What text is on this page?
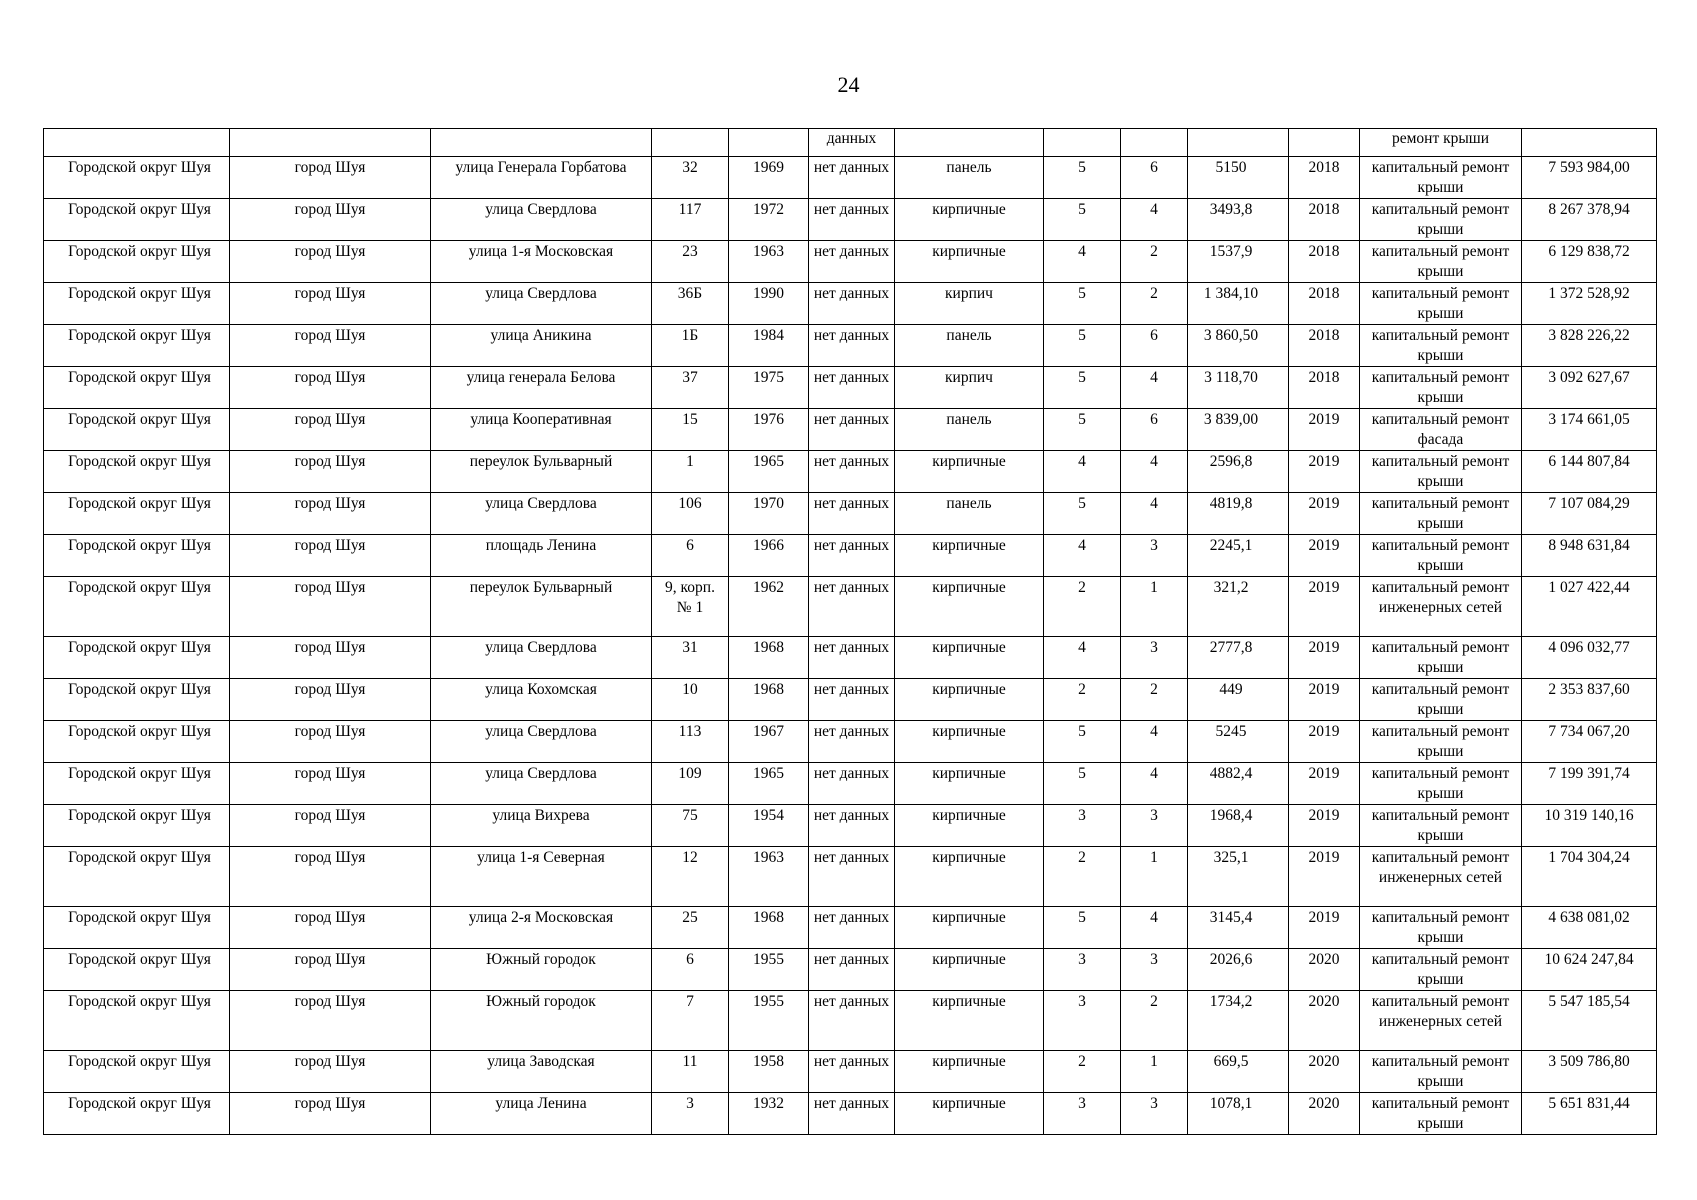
24
					данных						ремонт крыши	
Городской округ Шуя	город Шуя	улица Генерала Горбатова	32	1969	нет данных	панель	5	6	5150	2018	капитальный ремонт крыши	7 593 984,00
Городской округ Шуя	город Шуя	улица Свердлова	117	1972	нет данных	кирпичные	5	4	3493,8	2018	капитальный ремонт крыши	8 267 378,94
Городской округ Шуя	город Шуя	улица 1-я Московская	23	1963	нет данных	кирпичные	4	2	1537,9	2018	капитальный ремонт крыши	6 129 838,72
Городской округ Шуя	город Шуя	улица Свердлова	36Б	1990	нет данных	кирпич	5	2	1 384,10	2018	капитальный ремонт крыши	1 372 528,92
Городской округ Шуя	город Шуя	улица Аникина	1Б	1984	нет данных	панель	5	6	3 860,50	2018	капитальный ремонт крыши	3 828 226,22
Городской округ Шуя	город Шуя	улица генерала Белова	37	1975	нет данных	кирпич	5	4	3 118,70	2018	капитальный ремонт крыши	3 092 627,67
Городской округ Шуя	город Шуя	улица Кооперативная	15	1976	нет данных	панель	5	6	3 839,00	2019	капитальный ремонт фасада	3 174 661,05
Городской округ Шуя	город Шуя	переулок Бульварный	1	1965	нет данных	кирпичные	4	4	2596,8	2019	капитальный ремонт крыши	6 144 807,84
Городской округ Шуя	город Шуя	улица Свердлова	106	1970	нет данных	панель	5	4	4819,8	2019	капитальный ремонт крыши	7 107 084,29
Городской округ Шуя	город Шуя	площадь Ленина	6	1966	нет данных	кирпичные	4	3	2245,1	2019	капитальный ремонт крыши	8 948 631,84
Городской округ Шуя	город Шуя	переулок Бульварный	9, корп. № 1	1962	нет данных	кирпичные	2	1	321,2	2019	капитальный ремонт инженерных сетей	1 027 422,44
Городской округ Шуя	город Шуя	улица Свердлова	31	1968	нет данных	кирпичные	4	3	2777,8	2019	капитальный ремонт крыши	4 096 032,77
Городской округ Шуя	город Шуя	улица Кохомская	10	1968	нет данных	кирпичные	2	2	449	2019	капитальный ремонт крыши	2 353 837,60
Городской округ Шуя	город Шуя	улица Свердлова	113	1967	нет данных	кирпичные	5	4	5245	2019	капитальный ремонт крыши	7 734 067,20
Городской округ Шуя	город Шуя	улица Свердлова	109	1965	нет данных	кирпичные	5	4	4882,4	2019	капитальный ремонт крыши	7 199 391,74
Городской округ Шуя	город Шуя	улица Вихрева	75	1954	нет данных	кирпичные	3	3	1968,4	2019	капитальный ремонт крыши	10 319 140,16
Городской округ Шуя	город Шуя	улица 1-я Северная	12	1963	нет данных	кирпичные	2	1	325,1	2019	капитальный ремонт инженерных сетей	1 704 304,24
Городской округ Шуя	город Шуя	улица 2-я Московская	25	1968	нет данных	кирпичные	5	4	3145,4	2019	капитальный ремонт крыши	4 638 081,02
Городской округ Шуя	город Шуя	Южный городок	6	1955	нет данных	кирпичные	3	3	2026,6	2020	капитальный ремонт крыши	10 624 247,84
Городской округ Шуя	город Шуя	Южный городок	7	1955	нет данных	кирпичные	3	2	1734,2	2020	капитальный ремонт инженерных сетей	5 547 185,54
Городской округ Шуя	город Шуя	улица Заводская	11	1958	нет данных	кирпичные	2	1	669,5	2020	капитальный ремонт крыши	3 509 786,80
Городской округ Шуя	город Шуя	улица Ленина	3	1932	нет данных	кирпичные	3	3	1078,1	2020	капитальный ремонт крыши	5 651 831,44
